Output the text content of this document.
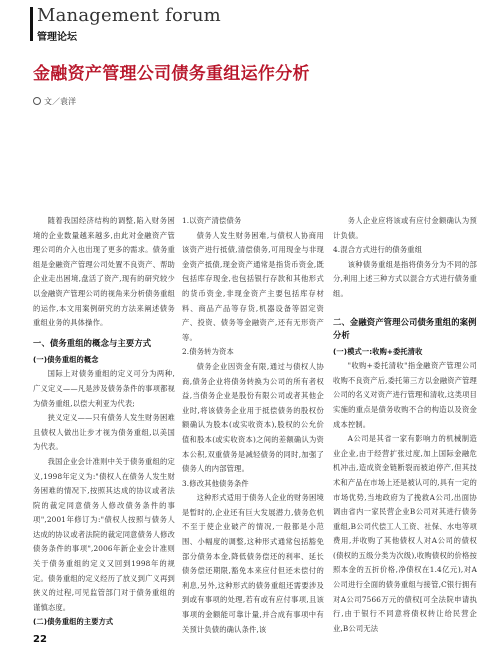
Management forum
管理论坛
金融资产管理公司债务重组运作分析
文／袁洋

随着我国经济结构的调整,陷入财务困境的企业数量越来越多,由此对金融资产管理公司的介入也出现了更多的需求。债务重组是金融资产管理公司处置不良资产、帮助企业走出困境,盘活了资产,现有的研究较少以金融资产管理公司的视角来分析债务重组的运作,本文用案例研究的方法来阐述债务重组业务的具体操作。

一、债务重组的概念与主要方式
(一)债务重组的概念

国际上对债务重组的定义可分为两种,广义定义——凡是涉及债务条件的事项都视为债务重组,以偿大利亚为代表;

狭义定义——只有债务人发生财务困难且债权人做出让步才视为债务重组,以美国为代表。

我国企业会计准则中关于债务重组的定义,1998年定义为:"债权人在债务人发生财务困难的情况下,按照其达成的协议或者法院的裁定同意债务人修改债务条件的事项",2001年修订为:"债权人按照与债务人达成的协议或者法院的裁定同意债务人修改债务条件的事项",2006年新企业会计准则关于债务重组的定义又回到1998年的规定。债务重组的定义经历了放义到广义再到狭义的过程,可见监管部门对于债务重组的谨慎态度。

(二)债务重组的主要方式

1.以资产清偿债务

债务人发生财务困难,与债权人协商用该资产进行抵债,清偿债务,可用现金与非现金资产抵债,现金资产通常是指货币资金,既包括库存现金,也包括银行存款和其他形式的货币资金,非现金资产主要包括库存材料、商品产品等存货,机器设备等固定资产、投资、债务等金融资产,还有无形资产等。

2.债务转为资本

债务企业因资金有限,通过与债权人协商,债务企业将债务转换为公司的所有者权益,当债务企业是股份有限公司或者其他企业时,将该债务企业用于抵偿债务的股权份额确认为股本(或实收资本),股权的公允价值和股本(或实收资本)之间的差额确认为资本公积,双重债务是减轻债务的同时,加强了债务人的内部管理。

3.修改其他债务条件

这种形式适用于债务人企业的财务困境是暂时的,企业还有巨大发展潜力,债务危机不至于使企业破产的情况,一般都是小范围、小幅度的调整,这种形式通常包括豁免部分债务本金,降低债务偿还的利率、延长债务偿还期限,豁免本来应付但还未偿付的利息,另外,这种形式的债务重组还需要涉及到或有事项的处理,若有或有应付事项,且该事项的金额能可靠计量,并合成有事项中有关预计负债的确认条件,该

务人企业应将该或有应付金额确认为预计负债。

4.混合方式进行的债务重组

该种债务重组是指将债务分为不同的部分,利用上述三种方式以混合方式进行债务重组。

二、金融资产管理公司债务重组的案例分析
(一)模式一:收购+委托清收

"收购+委托清收"指金融资产管理公司收购不良资产后,委托第三方以金融资产管理公司的名义对资产进行管理和清收,这类项目实施的重点是债务收购不合的构造以及资金成本控制。

A公司是其省一家有影响力的机械制造业企业,由于经营扩张过度,加上国际金融危机冲击,造成资金链断裂而被迫停产,但其技术和产品在市场上还是被认可的,具有一定的市场优势,当地政府为了挽救A公司,出面协调由省内一家民营企业B公司对其进行债务重组,B公司代偿工人工资、社保、水电等项费用,并收购了其他债权人对A公司的债权(债权的五级分类为次级),收购债权的价格按照本金的五折价格,净债权在1.4亿元),对A公司进行全面的债务重组与接管,C银行拥有对A公司7566万元的债权[可全法院申请执行,由于银行不同意将债权转让给民营企业,B公司无法

22
